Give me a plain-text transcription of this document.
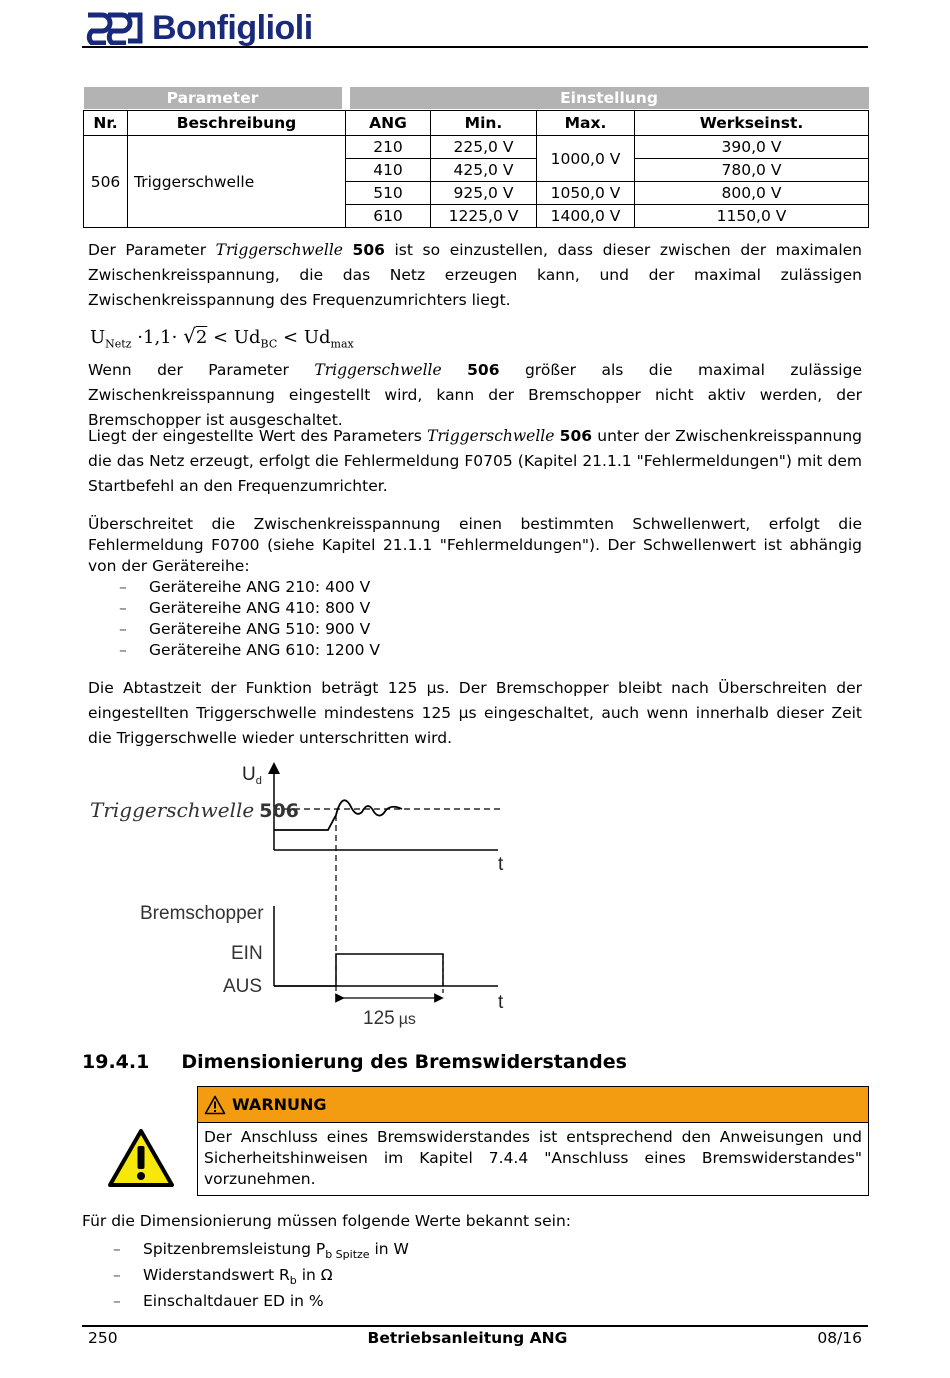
Bonfiglioli
Parameter		Einstellung			

Nr.	Beschreibung	ANG	Min.	Max.	Werkseinst.
506	Triggerschwelle	210	225,0 V	1000,0 V	390,0 V
		410	425,0 V		780,0 V
		510	925,0 V	1050,0 V	800,0 V
		610	1225,0 V	1400,0 V	1150,0 V

Der Parameter Triggerschwelle 506 ist so einzustellen, dass dieser zwischen der maximalen Zwischenkreisspannung, die das Netz erzeugen kann, und der maximal zulässigen Zwischenkreisspannung des Frequenzumrichters liegt.

$U_{Netz} \cdot 1,1\cdot √2 < Ud_{BC} < Ud_{max}$

Wenn der Parameter Triggerschwelle 506 größer als die maximal zulässige Zwischenkreisspannung eingestellt wird, kann der Bremschopper nicht aktiv werden, der Bremschopper ist ausgeschaltet.

Liegt der eingestellte Wert des Parameters Triggerschwelle 506 unter der Zwischenkreisspannung die das Netz erzeugt, erfolgt die Fehlermeldung F0705 (Kapitel 21.1.1 "Fehlermeldungen") mit dem Startbefehl an den Frequenzumrichter.

Überschreitet die Zwischenkreisspannung einen bestimmten Schwellenwert, erfolgt die Fehlermeldung F0700 (siehe Kapitel 21.1.1 "Fehlermeldungen"). Der Schwellenwert ist abhängig von der Gerätereihe:

– Gerätereihe ANG 210: 400 V
– Gerätereihe ANG 410: 800 V
– Gerätereihe ANG 510: 900 V
– Gerätereihe ANG 610: 1200 V

Die Abtastzeit der Funktion beträgt 125 µs. Der Bremschopper bleibt nach Überschreiten der eingestellten Triggerschwelle mindestens 125 µs eingeschaltet, auch wenn innerhalb dieser Zeit die Triggerschwelle wieder unterschritten wird.

$U_d$
t
Triggerschwelle 506
Bremschopper
EIN
AUS
t
125 µs
19.4.1 Dimensionierung des Bremswiderstandes
WARNUNG
Der Anschluss eines Bremswiderstandes ist entsprechend den Anweisungen und Sicherheitshinweisen im Kapitel 7.4.4 "Anschluss eines Bremswiderstandes" vorzunehmen.

Für die Dimensionierung müssen folgende Werte bekannt sein:

– Spitzenbremsleistung $P_{b Spitze}$ in W
– Widerstandswert $R_b$ in Ω
– Einschaltdauer ED in %
250	Betriebsanleitung ANG	08/16
